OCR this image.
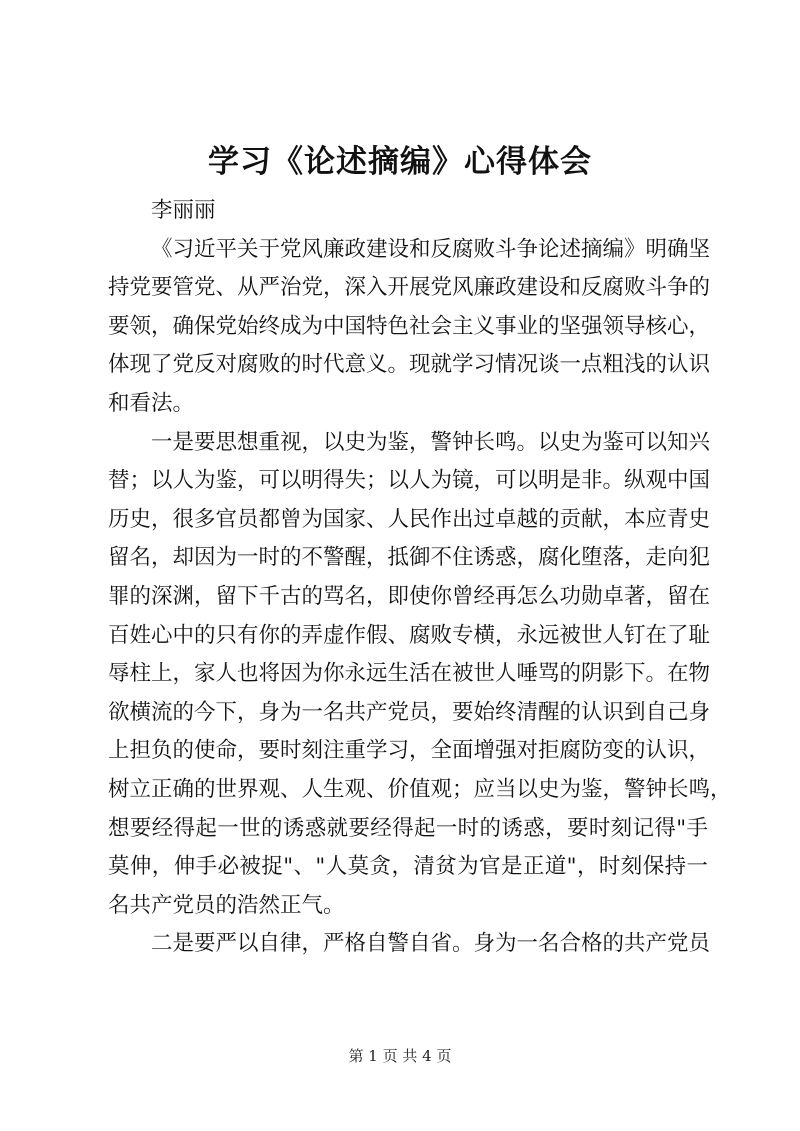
学习《论述摘编》心得体会
李丽丽
《习近平关于党风廉政建设和反腐败斗争论述摘编》明确坚
持党要管党、从严治党，深入开展党风廉政建设和反腐败斗争的
要领，确保党始终成为中国特色社会主义事业的坚强领导核心，
体现了党反对腐败的时代意义。现就学习情况谈一点粗浅的认识
和看法。
一是要思想重视，以史为鉴，警钟长鸣。以史为鉴可以知兴
替；以人为鉴，可以明得失；以人为镜，可以明是非。纵观中国
历史，很多官员都曾为国家、人民作出过卓越的贡献，本应青史
留名，却因为一时的不警醒，抵御不住诱惑，腐化堕落，走向犯
罪的深渊，留下千古的骂名，即使你曾经再怎么功勋卓著，留在
百姓心中的只有你的弄虚作假、腐败专横，永远被世人钉在了耻
辱柱上，家人也将因为你永远生活在被世人唾骂的阴影下。在物
欲横流的今下，身为一名共产党员，要始终清醒的认识到自己身
上担负的使命，要时刻注重学习，全面增强对拒腐防变的认识，
树立正确的世界观、人生观、价值观；应当以史为鉴，警钟长鸣，
想要经得起一世的诱惑就要经得起一时的诱惑，要时刻记得"手
莫伸，伸手必被捉"、"人莫贪，清贫为官是正道"，时刻保持一
名共产党员的浩然正气。
二是要严以自律，严格自警自省。身为一名合格的共产党员
第 1 页 共 4 页
